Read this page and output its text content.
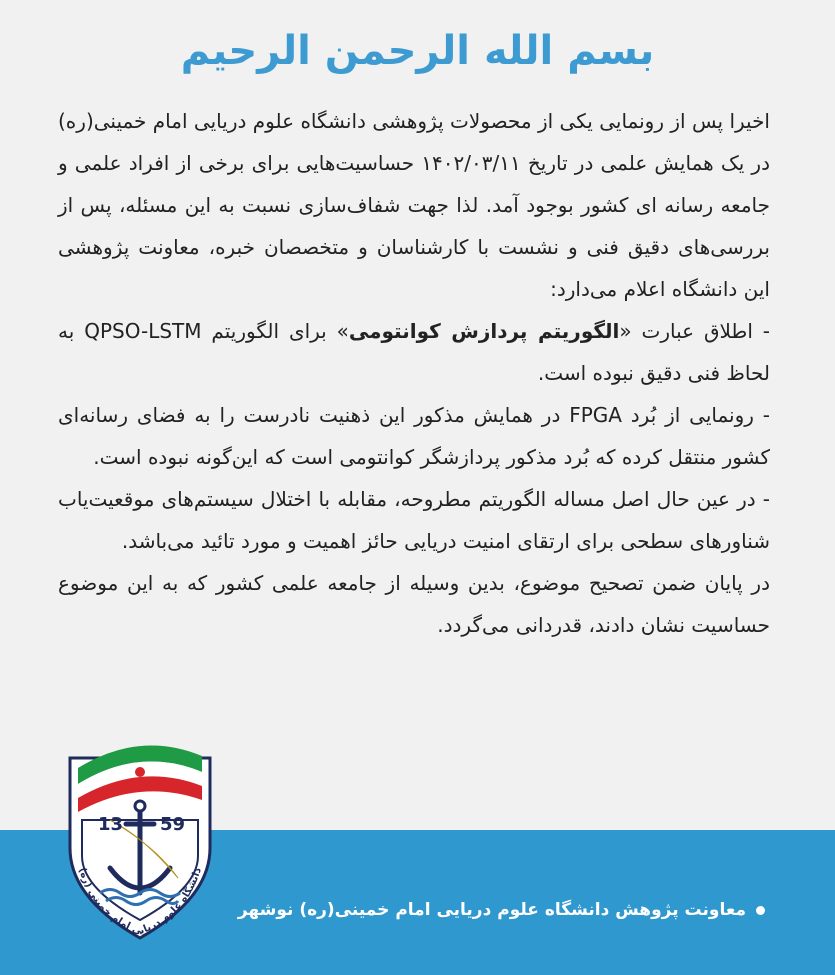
بسم الله الرحمن الرحیم

اخیرا پس از رونمایی یکی از محصولات پژوهشی دانشگاه علوم دریایی امام خمینی(ره) در یک همایش علمی در تاریخ ۱۴۰۲/۰۳/۱۱ حساسیت‌هایی برای برخی از افراد علمی و جامعه رسانه ای کشور بوجود آمد. لذا جهت شفاف‌سازی نسبت به این مسئله، پس از بررسی‌های دقیق فنی و نشست با کارشناسان و متخصصان خبره، معاونت پژوهشی این دانشگاه اعلام می‌دارد:

- اطلاق عبارت «الگوریتم پردازش کوانتومی» برای الگوریتم QPSO-LSTM به لحاظ فنی دقیق نبوده است.

- رونمایی از بُرد FPGA در همایش مذکور این ذهنیت نادرست را به فضای رسانه‌ای کشور منتقل کرده که بُرد مذکور پردازشگر کوانتومی است که این‌گونه نبوده است.

- در عین حال اصل مساله الگوریتم مطروحه، مقابله با اختلال سیستم‌های موقعیت‌یاب شناورهای سطحی برای ارتقای امنیت دریایی حائز اهمیت و مورد تائید می‌باشد.

در پایان ضمن تصحیح موضوع، بدین وسیله از جامعه علمی کشور که به این موضوع حساسیت نشان دادند، قدردانی می‌گردد.

معاونت پژوهش دانشگاه علوم دریایی امام خمینی(ره) نوشهر
13 59
دانشگاه علوم دریایی امام خمینی (ره)
